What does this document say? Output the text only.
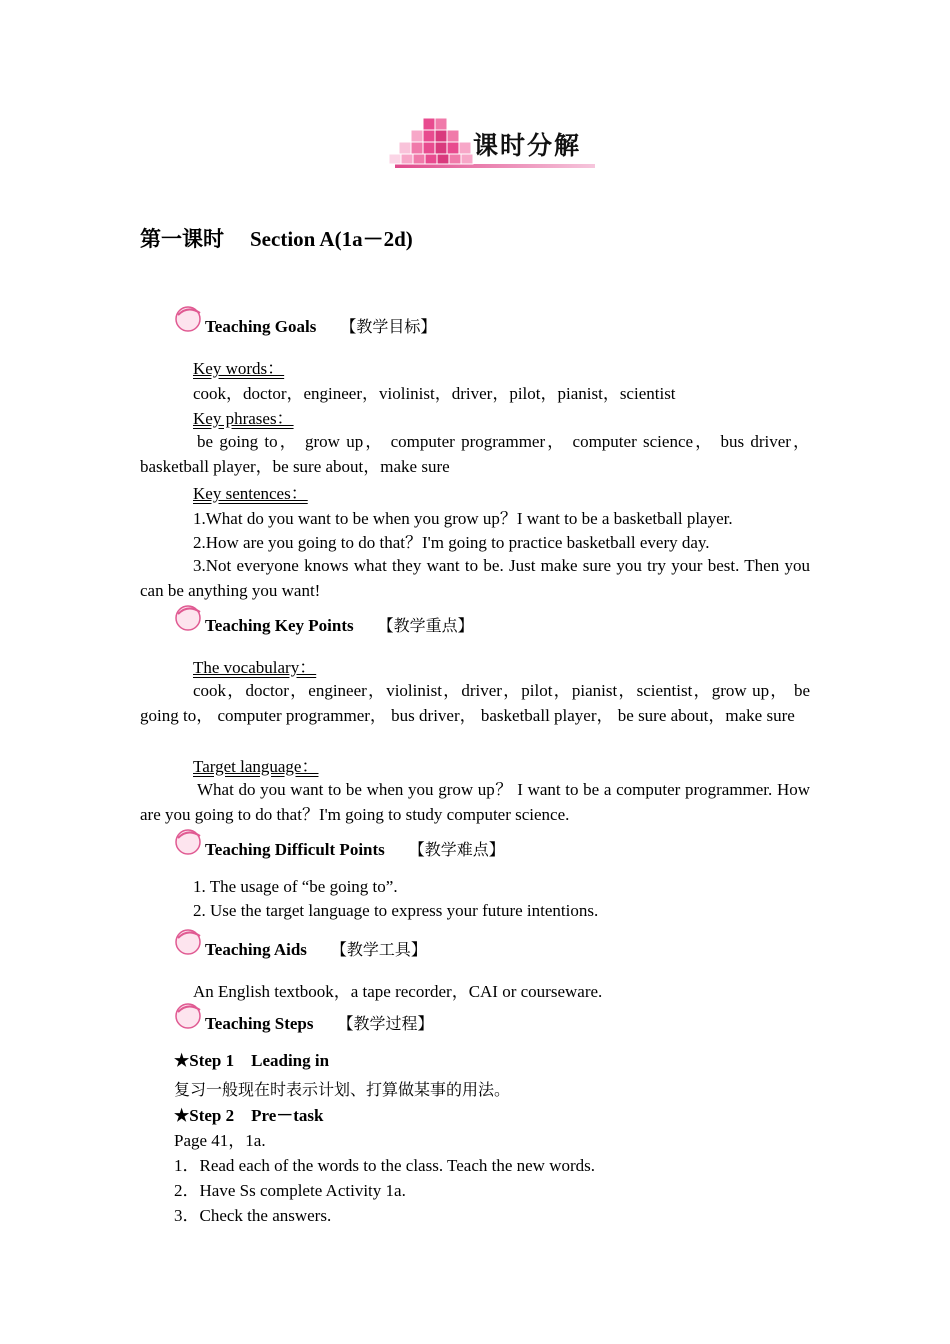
课时分解
第一课时 Section A(1a－2d)
Teaching Goals 【教学目标】
Key words：
cook，doctor，engineer，violinist，driver，pilot，pianist，scientist
Key phrases：
be going to， grow up， computer programmer， computer science， bus driver，basketball player，be sure about，make sure
Key sentences：
1.What do you want to be when you grow up？I want to be a basketball player.
2.How are you going to do that？I'm going to practice basketball every day.
3.Not everyone knows what they want to be. Just make sure you try your best. Then you can be anything you want!
Teaching Key Points 【教学重点】
The vocabulary：
cook，doctor，engineer，violinist，driver，pilot，pianist，scientist，grow up， be going to， computer programmer， bus driver， basketball player， be sure about，make sure
Target language：
What do you want to be when you grow up？ I want to be a computer programmer. How are you going to do that？I'm going to study computer science.
Teaching Difficult Points 【教学难点】
1. The usage of “be going to”.
2. Use the target language to express your future intentions.
Teaching Aids 【教学工具】
An English textbook，a tape recorder，CAI or courseware.
Teaching Steps 【教学过程】
★Step 1    Leading in
复习一般现在时表示计划、打算做某事的用法。
★Step 2    Pre－task
Page 41，1a.
1．Read each of the words to the class. Teach the new words.
2．Have Ss complete Activity 1a.
3．Check the answers.
